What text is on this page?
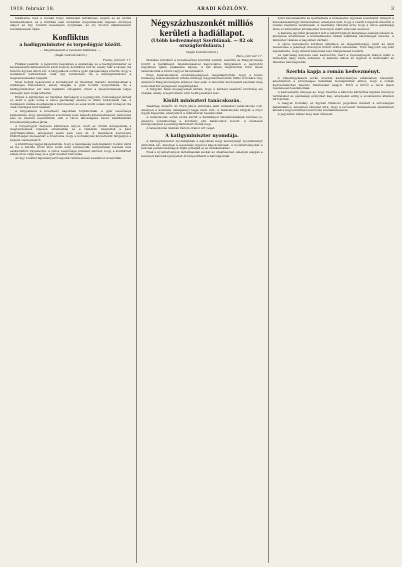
1919. február 18.	ARADI KÖZLÖNY.	3

tekintetbe vesz a szóban forgó átiratokat tartalmazó régibb és az utóbbi intézkedéseket, és a múltban sem szokatlan megoldásokat teljesen érvényes alapot az ügy további kezelésére nyújtanak, az oly módon alkalmazandó rendelkezések útján.

Konfliktus
a hadügyminiszter és torpedógyár között.
— Megüresedett a rendelet kiállítása. —
(Saját tudósítónktól.)
Fiume, február 17.

Fiúkkal jelentik: A legutóbbi napokban a szabadság és a hadügyminiszter és kereskedelmi minisztérium közti komoly konfliktus tört ki, amely már a tavasz óta húzódó ügyben állott elő. A tárgyalások során a gyár igazgatósága közölte, hogy a munkások bérkérdését csak úgy rendezheti, ha a hadügyminiszter a megrendeléseket teljesíti.

Most tudjuk beszerezni a kormányzat az üzemben maradó munkásoknak a szükséges biztosítékot, amely alapján a gyár tovább dolgozhatna, de a hadügyminiszter ezt nem hajlandó elfogadni, mivel a megrendelések teljes összegét nem tudja kifizetni.

Ebben a kérdésben az illetékes hatóságok a legnagyobb óvatossággal járnak el, mert a gyár sorsa a város gazdasági életére is döntő befolyással van. A munkások száma meghaladja a háromezret és ezek közül sokan már hónapok óta csak részleges bért kapnak.

A tárgyalások a következő napokban folytatódnak. A gyár vezetősége kijelentette, hogy amennyiben a kormány nem teljesíti kötelezettségeit, kénytelen lesz az üzemet beszüntetni, ami a város lakosságára nézve beláthatatlan következményekkel járna.

A torpedógyár helyzete különösen súlyos, mert az utóbbi hónapokban a megrendelések teljesen elmaradtak és a raktárak megteltek a kész gyártmányokkal, amelyeket senki sem vesz át. A munkások szervezete küldöttséget menesztett a fővárosba, hogy a kormánynál közvetlenül tárgyaljon a helyzet rendezéséről.

A küldöttség tagjai kijelentették, hogy a munkásság nem hajlandó tovább várni és ha a kérdés rövid időn belül nem rendeződik, kénytelenek lesznek más eszközökhöz folyamodni. A város vezetősége mindent elkövet, hogy a konfliktust békés úton oldja meg és a gyár üzemét biztosítsa.

Az ügy további fejleményeiről lapunk rendszeresen beszámol olvasóinak.

Négyszázhuszonkét milliós kerületi a hadiállapot.
(Utóbb kedvezményt Szerbiának. — 82 ok országfordulásra.)
(Saját tudósítónktól.)
Bécs, február 17.

Illetékes körökből a következőket közölték velünk: Ausztria és Magyarország között a hadiállapot felszámolásával kapcsolatos tárgyalások a legutóbbi napokban újabb szakaszba léptek. A két állam megbízottai több ízben tanácskoztak a közös vagyon felosztásáról.

Ezen tanácskozások eredményeképpen megállapították, hogy a közös hadsereg felszerelésének értéke mintegy négyszázhuszonkét millió koronára rúg, amelyből Magyarországra arányos rész esik. A felosztás módozatait azonban még nem sikerült véglegesen megállapítani.

A tárgyaló felek megegyeztek abban, hogy a kérdést szakértő bizottság elé utalják, amely a legrövidebb időn belül jelentést tesz.

Kisült miniszteri tanácskozás.

Vasárnap délelőtt dr. Hock János elnöklete alatt miniszteri tanácskozás volt, amelyen a kormány valamennyi tagja részt vett. A tanácskozás tárgyát a folyó ügyek képezték, amelyekről a miniszterek beszámoltak.

A tanácskozás során szóba került a hadiállapot felszámolásának kérdése is, amelyre vonatkozólag a kormány elvi határozatot hozott. A részletek kidolgozásával a pénzügyminisztert bízták meg.

A tanácskozás délután három órakor ért véget.

A katlgyminiszter nyomdája.

A hadügyminiszter nyomdájában a napokban nagy mennyiségű nyomtatványt állítottak elő, amelyek a leszerelés ügyével kapcsolatosak. A nyomtatványokat a katonai parancsnokságok útján juttatják el az érdekeltekhez.

Ezek a nyomtatványok tartalmazzák azokat az utasításokat, amelyek alapján a leszerelt katonák igényeiket érvényesíthetik a hatóságoknál.

Arad kereskedelmi és iparkamara a közlekedés ügyében beadványt intézett a kereskedelemügyi miniszterhez, amelyben kéri, hogy a vasúti forgalom mielőbb a rendes mederbe tereltessék. A beadvány rámutat arra, hogy a város gazdasági élete a rendezetlen közlekedési viszonyok miatt súlyosan szenved.

A kamara egyúttal javaslatot tett a teherforgalom ideiglenes szabályozására is, amelynek értelmében a közélelmezési cikkek szállítása elsőbbséget élvezne. A miniszter válasza a napokban várható.

A város kereskedői körében általános az elégedetlenség, mert az áruk beszerzése a jelenlegi viszonyok között szinte lehetetlen. Több nagyobb cég már bejelentette, hogy üzletét kénytelen lesz ideiglenesen bezárni.

Az iparosság helyzete sem kedvezőbb, mert a nyersanyagok hiánya miatt a műhelyek nagy része szünetel. A kamara ebben az ügyben is közbenjárt az illetékes hatóságoknál.

Szerbia kapja a román kedvezményt.

A béketárgyalások során Szerbia kedvezményes elbánásban részesült, amennyiben a szövetséges hatalmak hozzájárultak ahhoz, hogy a román kedvezményhez hasonló feltételeket kapjon. Erről a hírről a bécsi lapok részletesen beszámolnak.

A kedvezmény lényege az, hogy Szerbia a háborús kártérítés fejében bizonyos területeket és gazdasági előnyöket kap, amelyeket eddig a szomszédos államok birtokoltak.

A magyar kormány ez ügyben tiltakozó jegyzéket intézett a szövetséges hatalmakhoz, amelyben rámutat arra, hogy a tervezett intézkedések ellentétben állnak a fegyverszüneti szerződés rendelkezéseivel.

A jegyzékre válasz még nem érkezett.
